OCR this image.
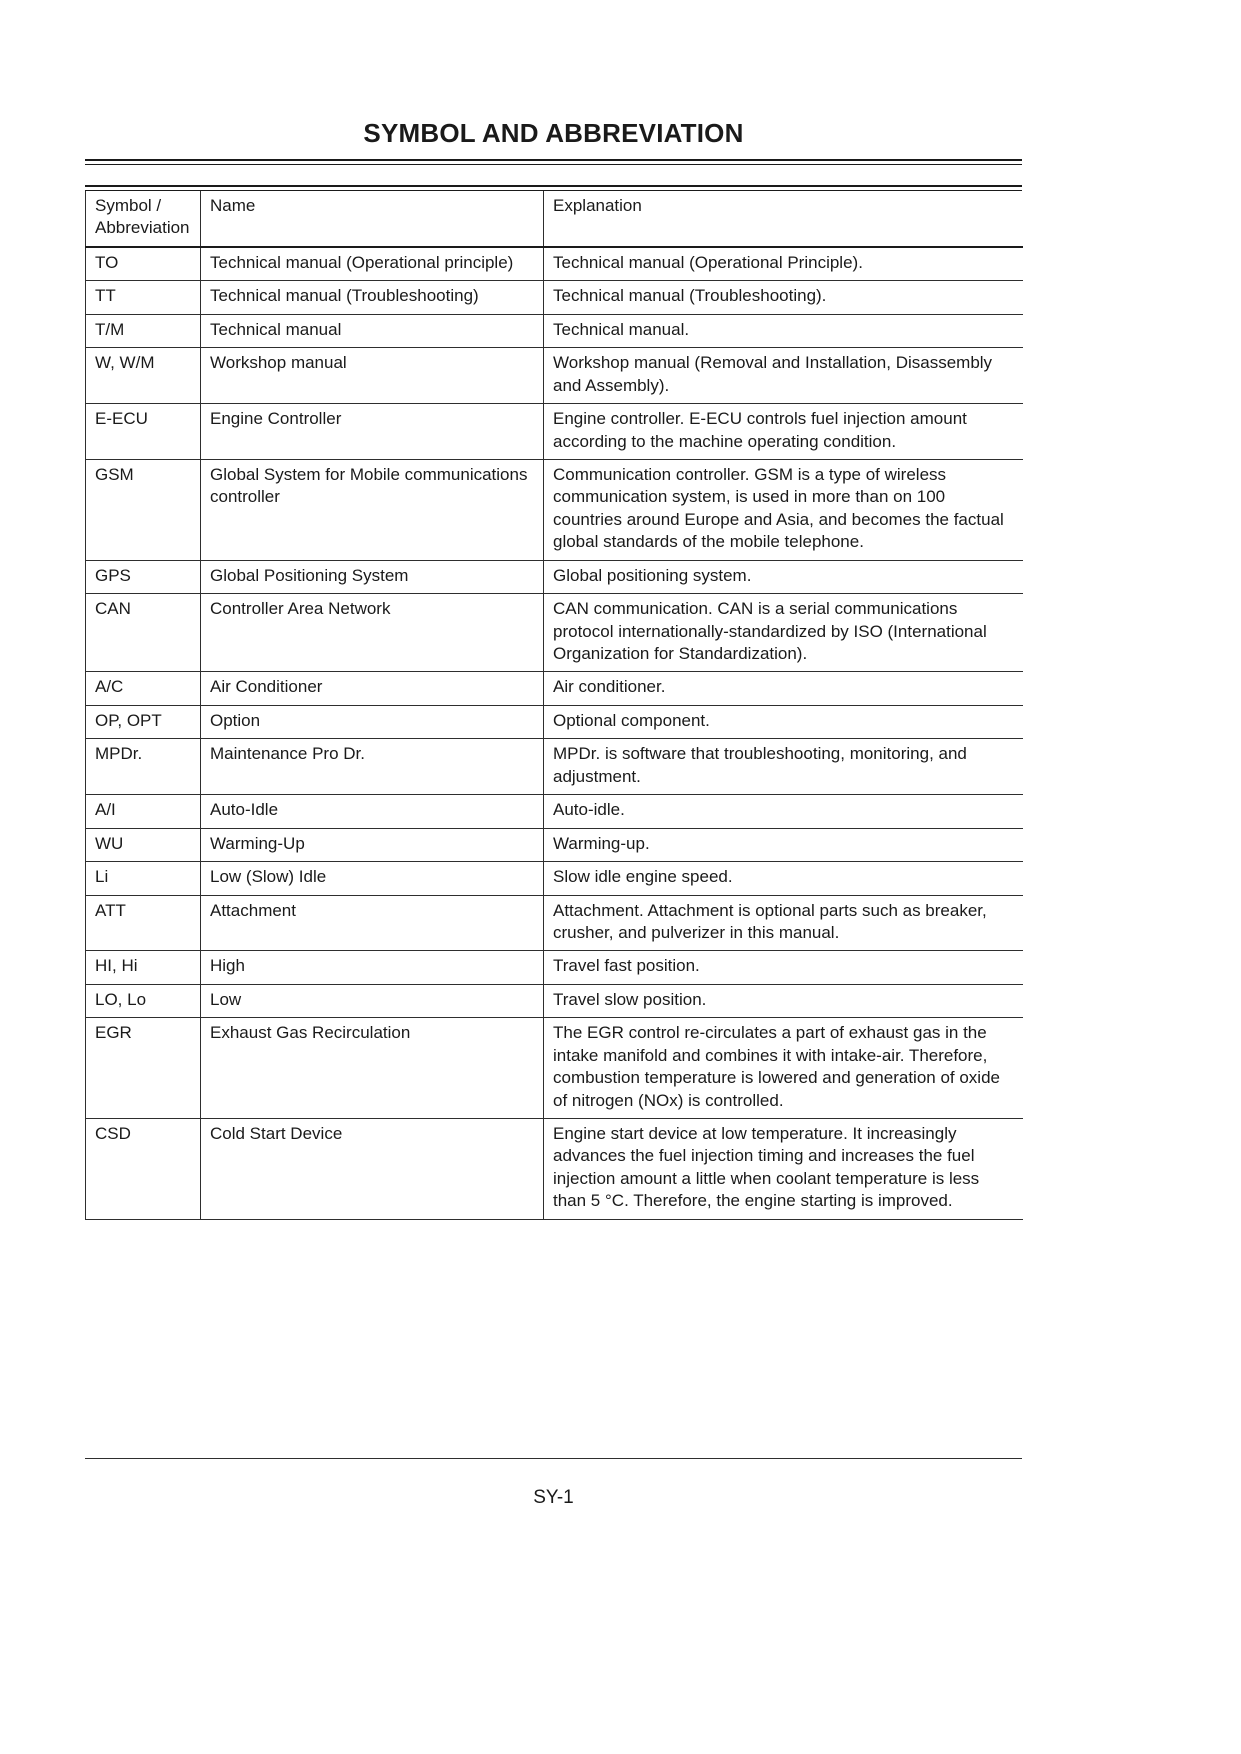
SYMBOL AND ABBREVIATION
Symbol / Abbreviation	Name	Explanation
TO	Technical manual (Operational principle)	Technical manual (Operational Principle).
TT	Technical manual (Troubleshooting)	Technical manual (Troubleshooting).
T/M	Technical manual	Technical manual.
W, W/M	Workshop manual	Workshop manual (Removal and Installation, Disassembly and Assembly).
E-ECU	Engine Controller	Engine controller. E-ECU controls fuel injection amount according to the machine operating condition.
GSM	Global System for Mobile communications controller	Communication controller. GSM is a type of wireless communication system, is used in more than on 100 countries around Europe and Asia, and becomes the factual global standards of the mobile telephone.
GPS	Global Positioning System	Global positioning system.
CAN	Controller Area Network	CAN communication. CAN is a serial communications protocol internationally-standardized by ISO (International Organization for Standardization).
A/C	Air Conditioner	Air conditioner.
OP, OPT	Option	Optional component.
MPDr.	Maintenance Pro Dr.	MPDr. is software that troubleshooting, monitoring, and adjustment.
A/I	Auto-Idle	Auto-idle.
WU	Warming-Up	Warming-up.
Li	Low (Slow) Idle	Slow idle engine speed.
ATT	Attachment	Attachment. Attachment is optional parts such as breaker, crusher, and pulverizer in this manual.
HI, Hi	High	Travel fast position.
LO, Lo	Low	Travel slow position.
EGR	Exhaust Gas Recirculation	The EGR control re-circulates a part of exhaust gas in the intake manifold and combines it with intake-air. Therefore, combustion temperature is lowered and generation of oxide of nitrogen (NOx) is controlled.
CSD	Cold Start Device	Engine start device at low temperature. It increasingly advances the fuel injection timing and increases the fuel injection amount a little when coolant temperature is less than 5 °C. Therefore, the engine starting is improved.
SY-1
